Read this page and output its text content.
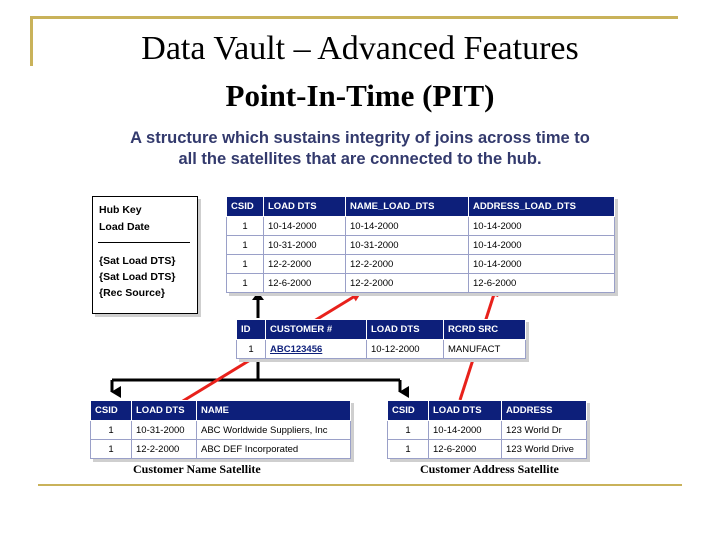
Data Vault – Advanced Features
Point-In-Time (PIT)
A structure which sustains integrity of joins across time to
all the satellites that are connected to the hub.
Hub Key
Load Date
{Sat Load DTS}
{Sat Load DTS}
{Rec Source}
CSID	LOAD DTS	NAME_LOAD_DTS	ADDRESS_LOAD_DTS
1	10-14-2000	10-14-2000	10-14-2000
1	10-31-2000	10-31-2000	10-14-2000
1	12-2-2000	12-2-2000	10-14-2000
1	12-6-2000	12-2-2000	12-6-2000
ID	CUSTOMER #	LOAD DTS	RCRD SRC
1	ABC123456	10-12-2000	MANUFACT
CSID	LOAD DTS	NAME
1	10-31-2000	ABC Worldwide Suppliers, Inc
1	12-2-2000	ABC DEF Incorporated
Customer Name Satellite
CSID	LOAD DTS	ADDRESS
1	10-14-2000	123 World Dr
1	12-6-2000	123 World Drive
Customer Address Satellite
